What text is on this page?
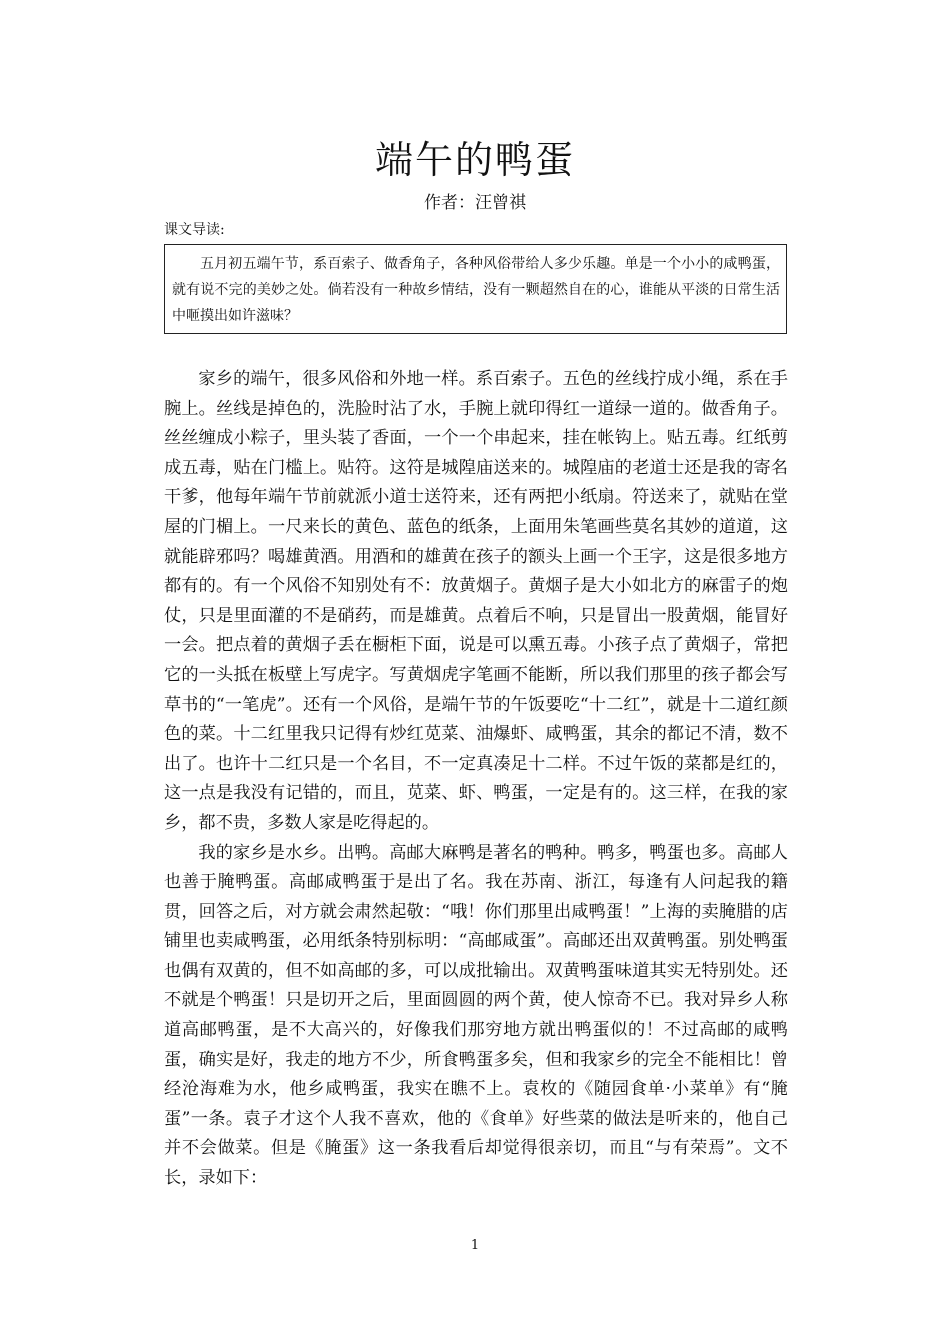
端午的鸭蛋

作者：汪曾祺

课文导读:

五月初五端午节，系百索子、做香角子，各种风俗带给人多少乐趣。单是一个小小的咸鸭蛋，就有说不完的美妙之处。倘若没有一种故乡情结，没有一颗超然自在的心，谁能从平淡的日常生活中咂摸出如许滋味？

家乡的端午，很多风俗和外地一样。系百索子。五色的丝线拧成小绳，系在手腕上。丝线是掉色的，洗脸时沾了水，手腕上就印得红一道绿一道的。做香角子。丝丝缠成小粽子，里头装了香面，一个一个串起来，挂在帐钩上。贴五毒。红纸剪成五毒，贴在门槛上。贴符。这符是城隍庙送来的。城隍庙的老道士还是我的寄名干爹，他每年端午节前就派小道士送符来，还有两把小纸扇。符送来了，就贴在堂屋的门楣上。一尺来长的黄色、蓝色的纸条，上面用朱笔画些莫名其妙的道道，这就能辟邪吗？喝雄黄酒。用酒和的雄黄在孩子的额头上画一个王字，这是很多地方都有的。有一个风俗不知别处有不：放黄烟子。黄烟子是大小如北方的麻雷子的炮仗，只是里面灌的不是硝药，而是雄黄。点着后不响，只是冒出一股黄烟，能冒好一会。把点着的黄烟子丢在橱柜下面，说是可以熏五毒。小孩子点了黄烟子，常把它的一头抵在板壁上写虎字。写黄烟虎字笔画不能断，所以我们那里的孩子都会写草书的“一笔虎”。还有一个风俗，是端午节的午饭要吃“十二红”，就是十二道红颜色的菜。十二红里我只记得有炒红苋菜、油爆虾、咸鸭蛋，其余的都记不清，数不出了。也许十二红只是一个名目，不一定真凑足十二样。不过午饭的菜都是红的，这一点是我没有记错的，而且，苋菜、虾、鸭蛋，一定是有的。这三样，在我的家乡，都不贵，多数人家是吃得起的。

我的家乡是水乡。出鸭。高邮大麻鸭是著名的鸭种。鸭多，鸭蛋也多。高邮人也善于腌鸭蛋。高邮咸鸭蛋于是出了名。我在苏南、浙江，每逢有人问起我的籍贯，回答之后，对方就会肃然起敬：“哦！你们那里出咸鸭蛋！”上海的卖腌腊的店铺里也卖咸鸭蛋，必用纸条特别标明：“高邮咸蛋”。高邮还出双黄鸭蛋。别处鸭蛋也偶有双黄的，但不如高邮的多，可以成批输出。双黄鸭蛋味道其实无特别处。还不就是个鸭蛋！只是切开之后，里面圆圆的两个黄，使人惊奇不已。我对异乡人称道高邮鸭蛋，是不大高兴的，好像我们那穷地方就出鸭蛋似的！不过高邮的咸鸭蛋，确实是好，我走的地方不少，所食鸭蛋多矣，但和我家乡的完全不能相比！曾经沧海难为水，他乡咸鸭蛋，我实在瞧不上。袁枚的《随园食单·小菜单》有“腌蛋”一条。袁子才这个人我不喜欢，他的《食单》好些菜的做法是听来的，他自己并不会做菜。但是《腌蛋》这一条我看后却觉得很亲切，而且“与有荣焉”。文不长，录如下：

1
